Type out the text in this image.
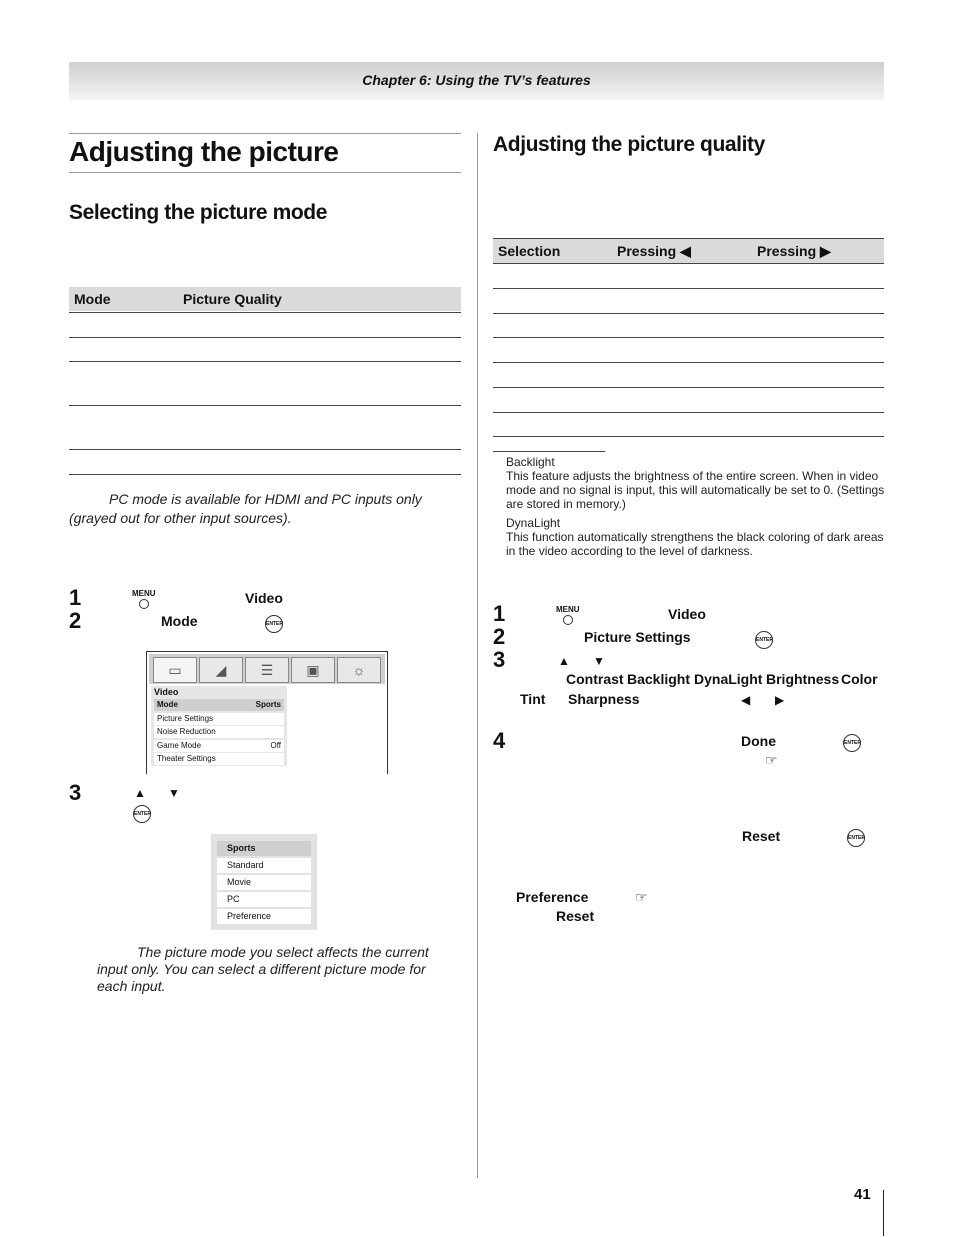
Chapter 6: Using the TV’s features
Adjusting the picture
Selecting the picture mode
Mode	Picture Quality
PC mode is available for HDMI and PC inputs only (grayed out for other input sources).
1	MENU	Video
2	Mode	ENTER
▭	◢	☰	▣	☼
Video
Mode	Sports
Picture Settings
Noise Reduction
Game Mode	Off
Theater Settings
3	▲ ▼
ENTER
Sports
Standard
Movie
PC
Preference
The picture mode you select affects the current input only. You can select a different picture mode for each input.
Adjusting the picture quality
Selection	Pressing ◀	Pressing ▶
Backlight
This feature adjusts the brightness of the entire screen. When in video mode and no signal is input, this will automatically be set to 0. (Settings are stored in memory.)
DynaLight
This function automatically strengthens the black coloring of dark areas in the video according to the level of darkness.
1	MENU	Video
2	Picture Settings	ENTER
3	▲ ▼
Contrast Backlight DynaLight Brightness Color
Tint Sharpness	◀ ▶
4	Done	ENTER
☞
Reset	ENTER
Preference	☞
Reset
41
